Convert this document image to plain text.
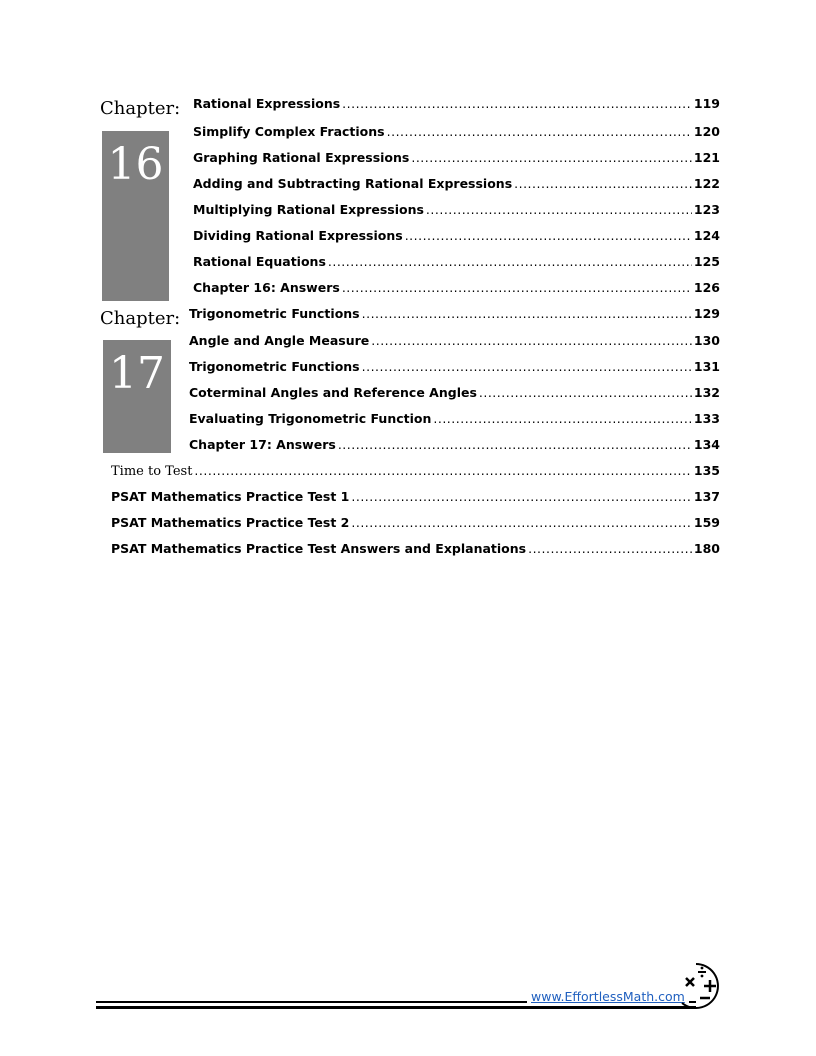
Chapter:
16
Rational Expressions .....	119
Simplify Complex Fractions .....	120
Graphing Rational Expressions .....	121
Adding and Subtracting Rational Expressions .....	122
Multiplying Rational Expressions .....	123
Dividing Rational Expressions .....	124
Rational Equations .....	125
Chapter 16: Answers .....	126
Chapter:
17
Trigonometric Functions .....	129
Angle and Angle Measure .....	130
Trigonometric Functions .....	131
Coterminal Angles and Reference Angles .....	132
Evaluating Trigonometric Function .....	133
Chapter 17: Answers .....	134
Time to Test .....	135
PSAT Mathematics Practice Test 1 .....	137
PSAT Mathematics Practice Test 2 .....	159
PSAT Mathematics Practice Test Answers and Explanations .....	180
www.EffortlessMath.com
